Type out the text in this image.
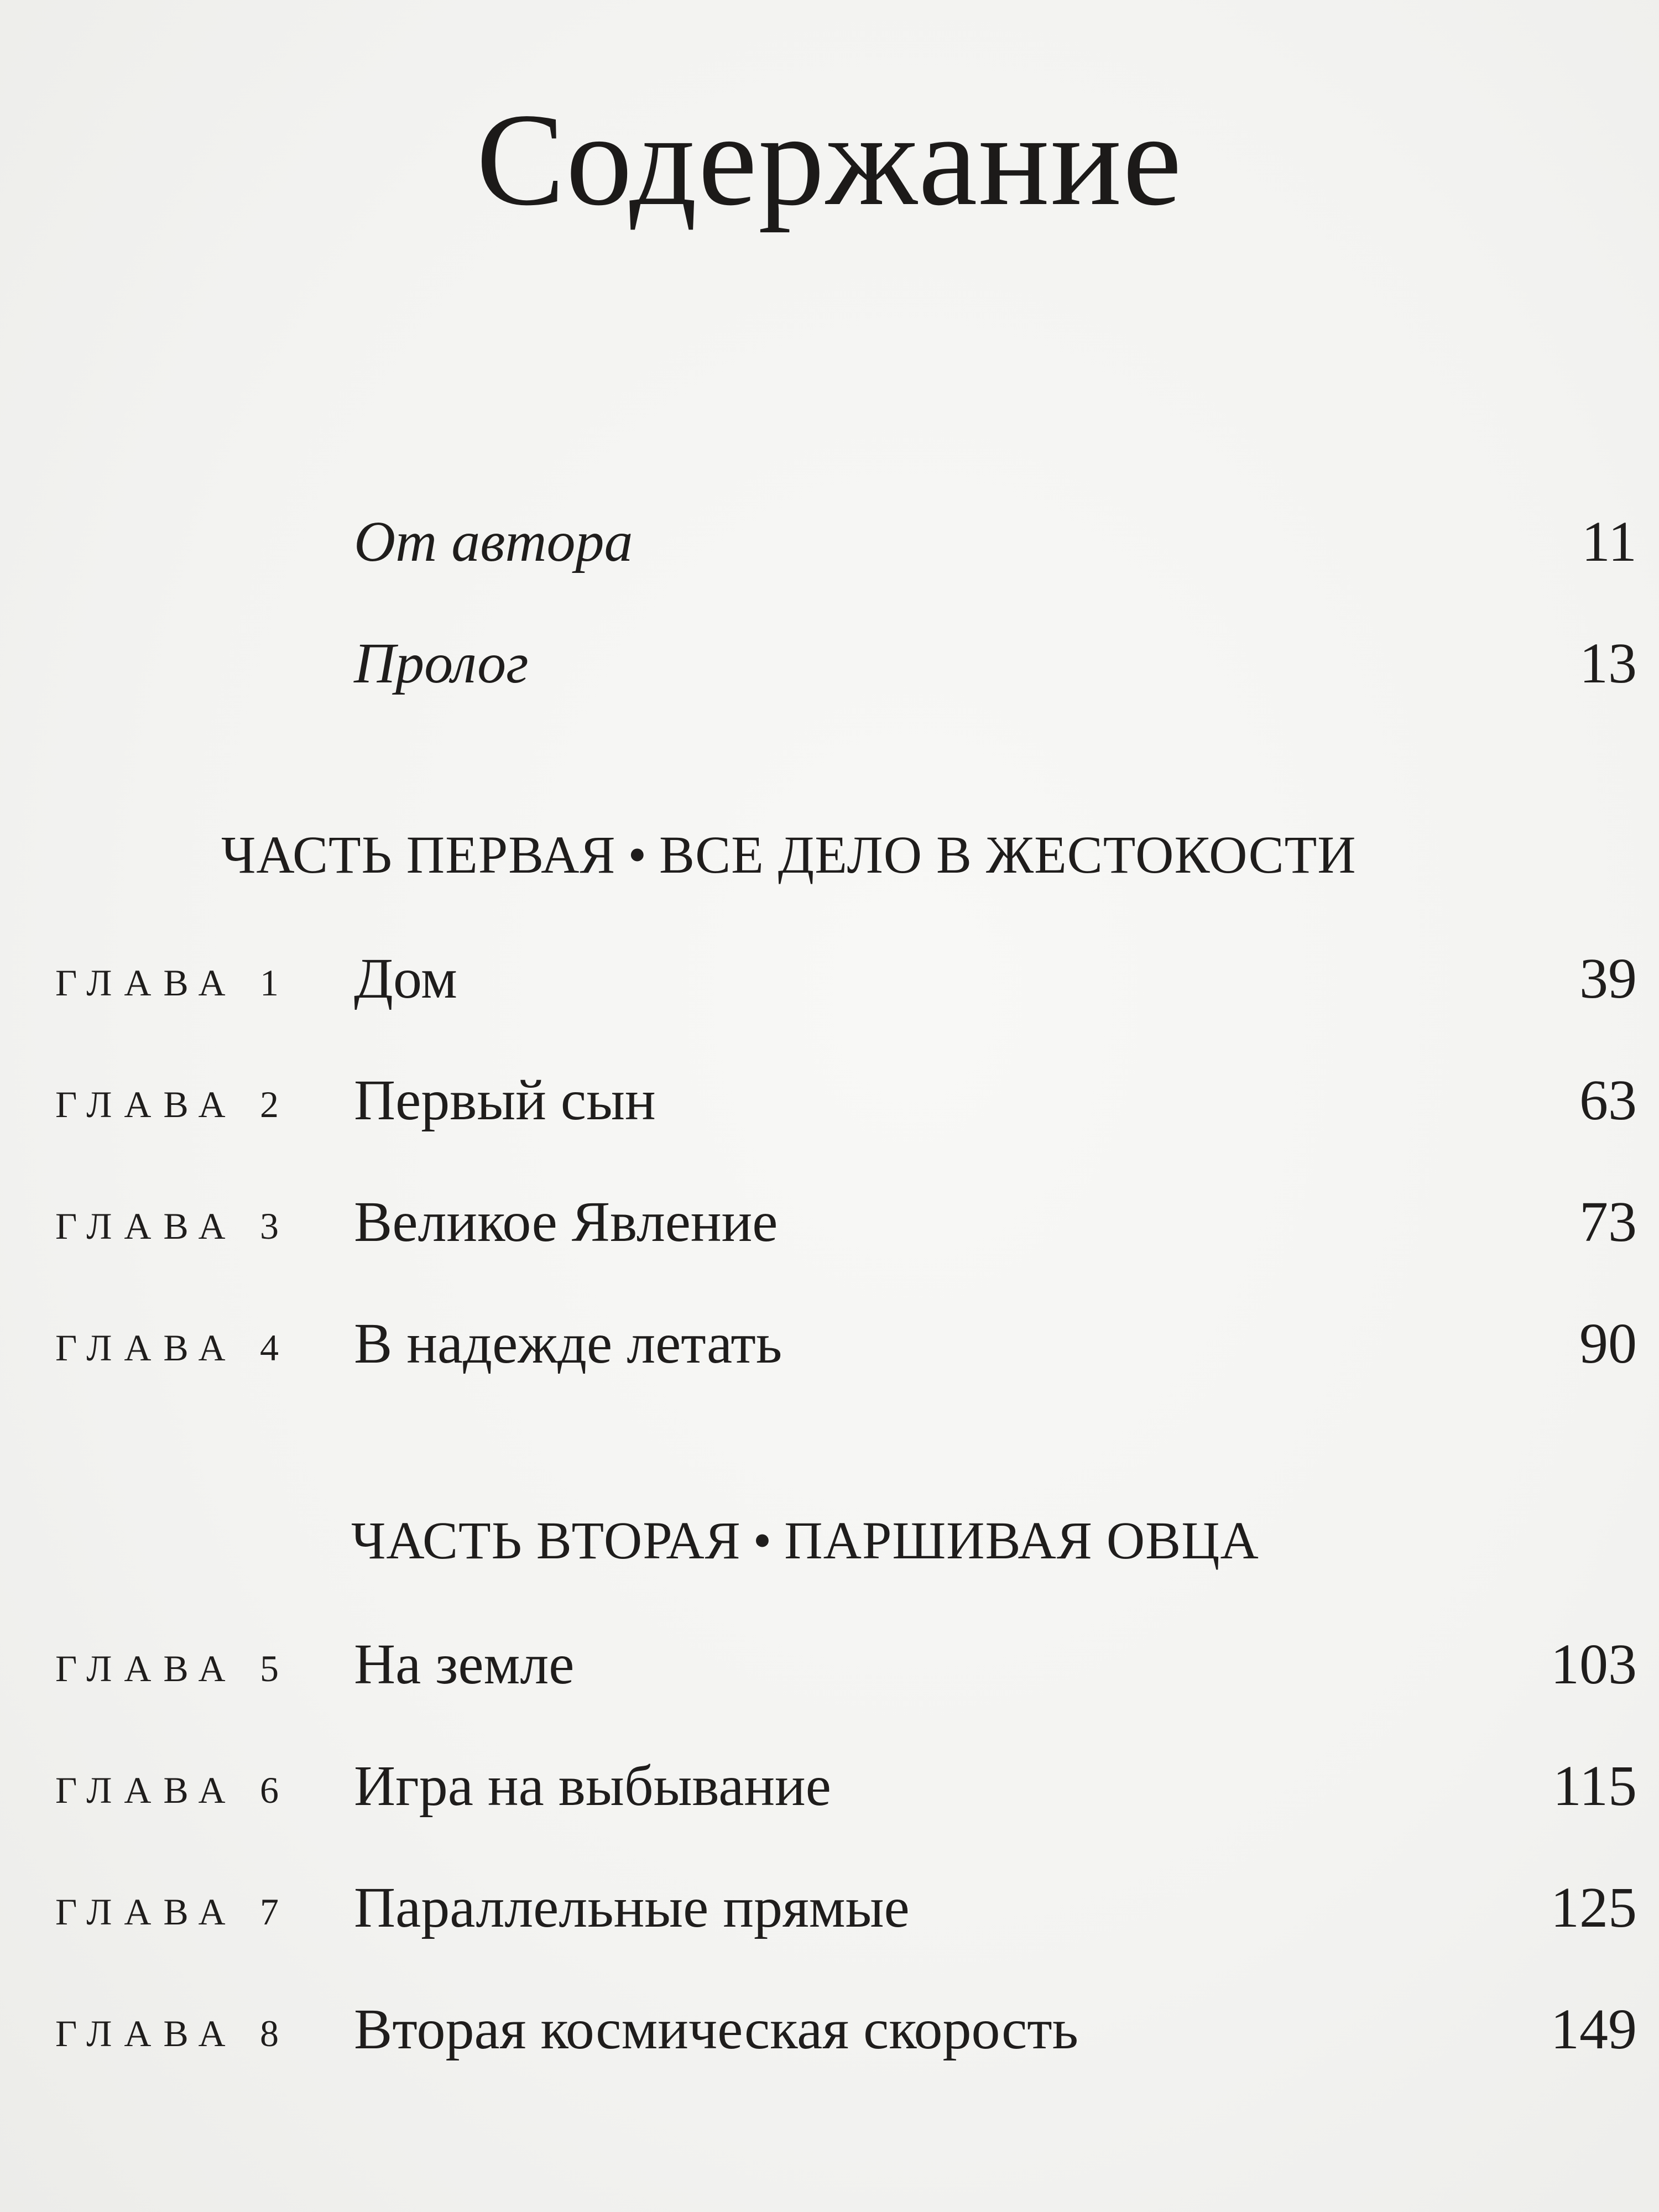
Содержание
От автора	11
Пролог	13
ЧАСТЬ ПЕРВАЯ • ВСЕ ДЕЛО В ЖЕСТОКОСТИ
ГЛАВА 1 Дом	39
ГЛАВА 2 Первый сын	63
ГЛАВА 3 Великое Явление	73
ГЛАВА 4 В надежде летать	90
ЧАСТЬ ВТОРАЯ • ПАРШИВАЯ ОВЦА
ГЛАВА 5 На земле	103
ГЛАВА 6 Игра на выбывание	115
ГЛАВА 7 Параллельные прямые	125
ГЛАВА 8 Вторая космическая скорость	149
